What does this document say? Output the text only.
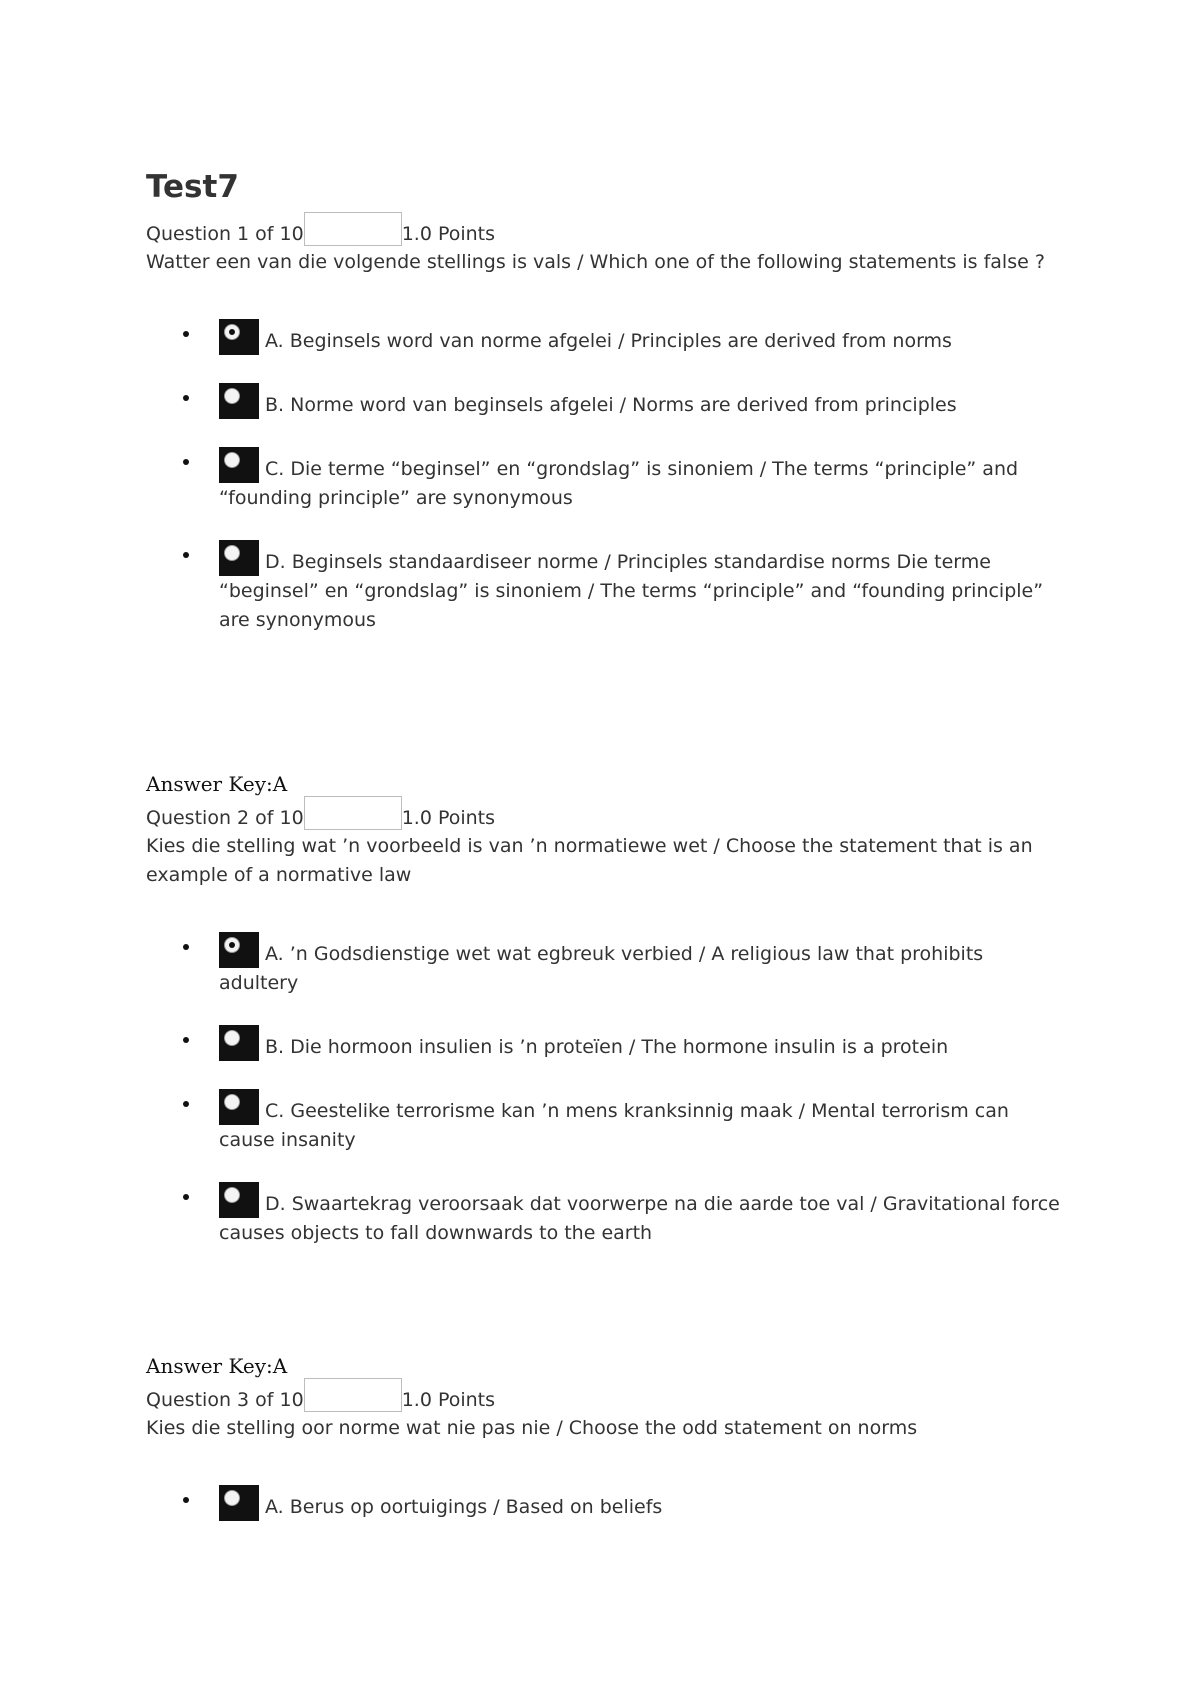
Test7
Question 1 of 10	1.0 Points
Watter een van die volgende stellings is vals / Which one of the following statements is false ?
A. Beginsels word van norme afgelei / Principles are derived from norms
B. Norme word van beginsels afgelei / Norms are derived from principles
C. Die terme “beginsel” en “grondslag” is sinoniem / The terms “principle” and “founding principle” are synonymous
D. Beginsels standaardiseer norme / Principles standardise norms Die terme “beginsel” en “grondslag” is sinoniem / The terms “principle” and “founding principle” are synonymous
Answer Key:A
Question 2 of 10	1.0 Points
Kies die stelling wat ’n voorbeeld is van ’n normatiewe wet / Choose the statement that is an example of a normative law
A. ’n Godsdienstige wet wat egbreuk verbied / A religious law that prohibits adultery
B. Die hormoon insulien is ’n proteïen / The hormone insulin is a protein
C. Geestelike terrorisme kan ’n mens kranksinnig maak / Mental terrorism can cause insanity
D. Swaartekrag veroorsaak dat voorwerpe na die aarde toe val / Gravitational force causes objects to fall downwards to the earth
Answer Key:A
Question 3 of 10	1.0 Points
Kies die stelling oor norme wat nie pas nie / Choose the odd statement on norms
A. Berus op oortuigings / Based on beliefs
